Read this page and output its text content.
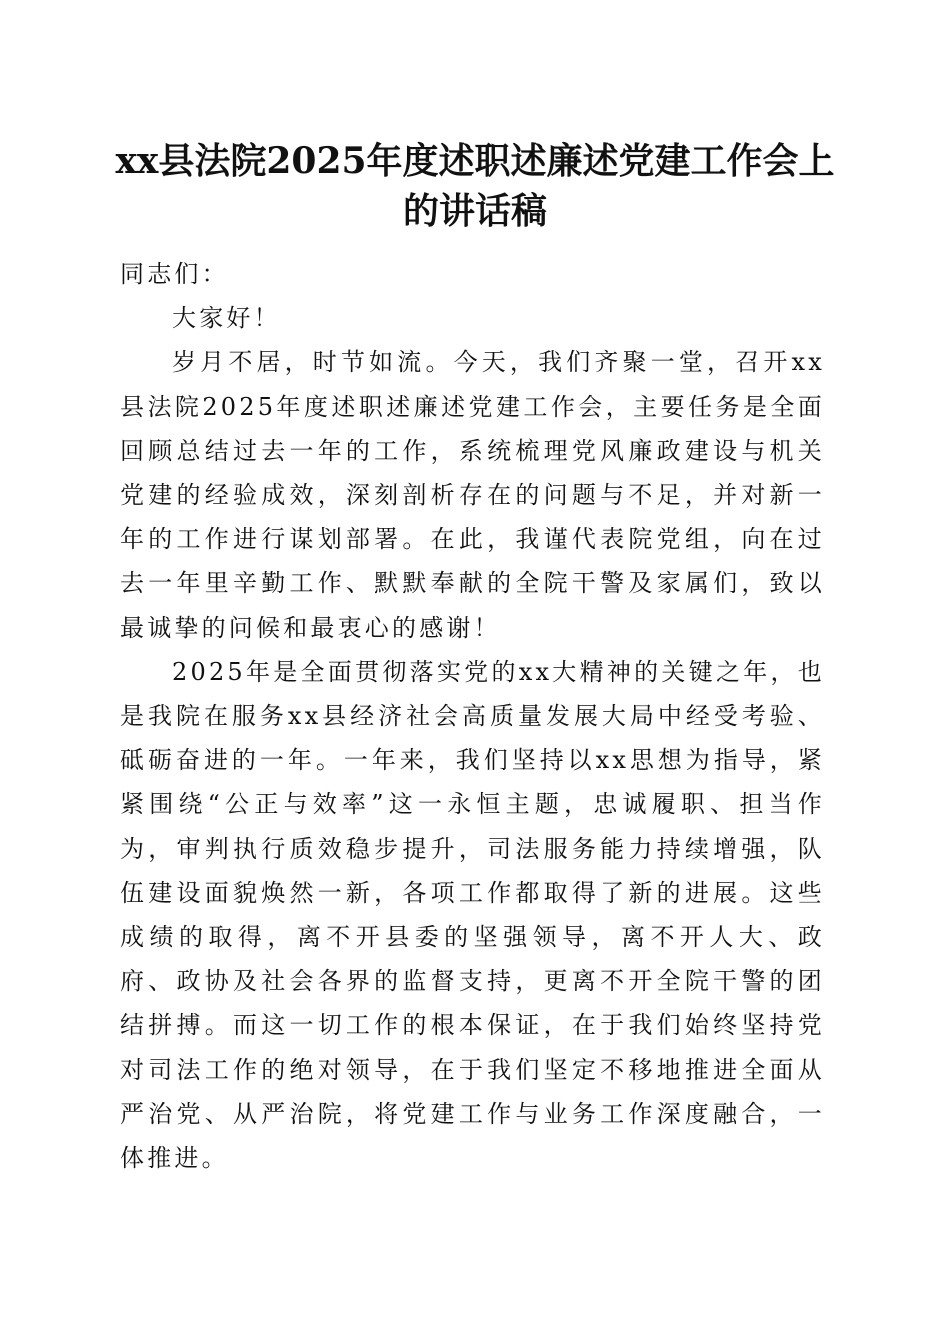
xx县法院2025年度述职述廉述党建工作会上
的讲话稿

同志们：

大家好！

岁月不居，时节如流。今天，我们齐聚一堂，召开xx县法院2025年度述职述廉述党建工作会，主要任务是全面回顾总结过去一年的工作，系统梳理党风廉政建设与机关党建的经验成效，深刻剖析存在的问题与不足，并对新一年的工作进行谋划部署。在此，我谨代表院党组，向在过去一年里辛勤工作、默默奉献的全院干警及家属们，致以最诚挚的问候和最衷心的感谢！

2025年是全面贯彻落实党的xx大精神的关键之年，也是我院在服务xx县经济社会高质量发展大局中经受考验、砥砺奋进的一年。一年来，我们坚持以xx思想为指导，紧紧围绕“公正与效率”这一永恒主题，忠诚履职、担当作为，审判执行质效稳步提升，司法服务能力持续增强，队伍建设面貌焕然一新，各项工作都取得了新的进展。这些成绩的取得，离不开县委的坚强领导，离不开人大、政府、政协及社会各界的监督支持，更离不开全院干警的团结拼搏。而这一切工作的根本保证，在于我们始终坚持党对司法工作的绝对领导，在于我们坚定不移地推进全面从严治党、从严治院，将党建工作与业务工作深度融合，一体推进。
